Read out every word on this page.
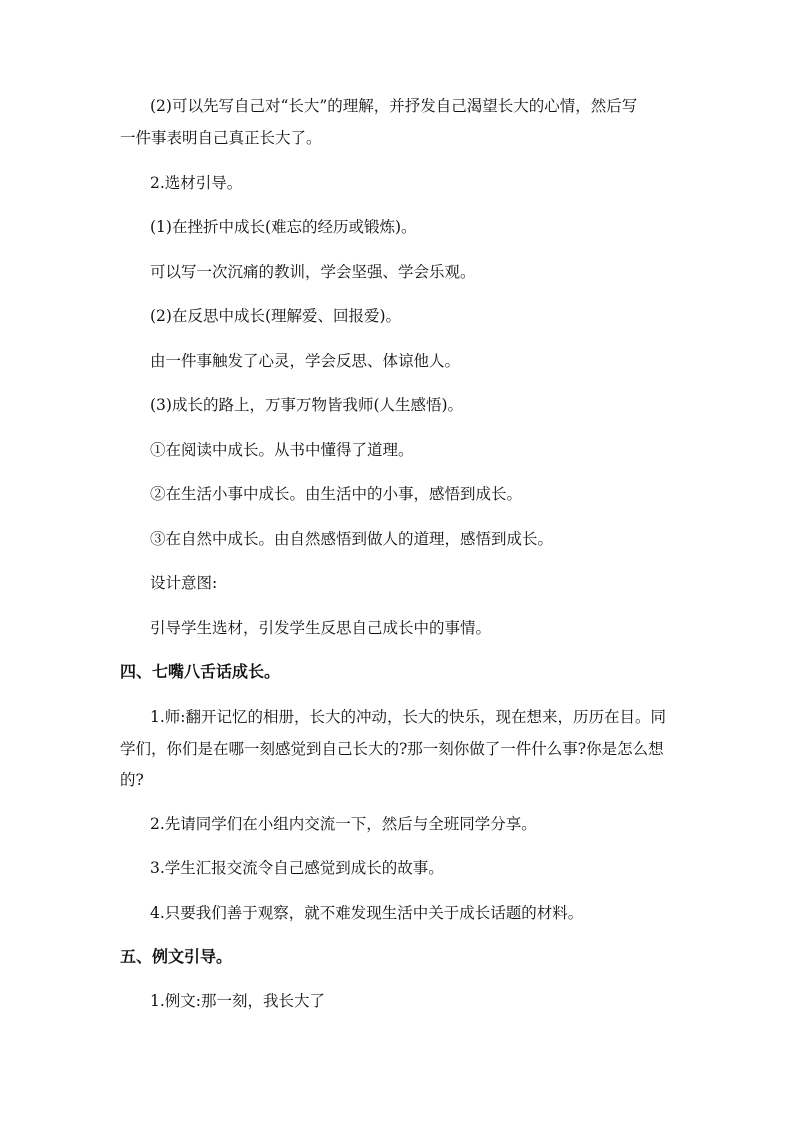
(2)可以先写自己对“长大”的理解，并抒发自己渴望长大的心情，然后写
一件事表明自己真正长大了。
2.选材引导。
(1)在挫折中成长(难忘的经历或锻炼)。
可以写一次沉痛的教训，学会坚强、学会乐观。
(2)在反思中成长(理解爱、回报爱)。
由一件事触发了心灵，学会反思、体谅他人。
(3)成长的路上，万事万物皆我师(人生感悟)。
①在阅读中成长。从书中懂得了道理。
②在生活小事中成长。由生活中的小事，感悟到成长。
③在自然中成长。由自然感悟到做人的道理，感悟到成长。
设计意图:
引导学生选材，引发学生反思自己成长中的事情。
四、七嘴八舌话成长。
1.师:翻开记忆的相册，长大的冲动，长大的快乐，现在想来，历历在目。同
学们，你们是在哪一刻感觉到自己长大的?那一刻你做了一件什么事?你是怎么想
的?
2.先请同学们在小组内交流一下，然后与全班同学分享。
3.学生汇报交流令自己感觉到成长的故事。
4.只要我们善于观察，就不难发现生活中关于成长话题的材料。
五、例文引导。
1.例文:那一刻，我长大了
